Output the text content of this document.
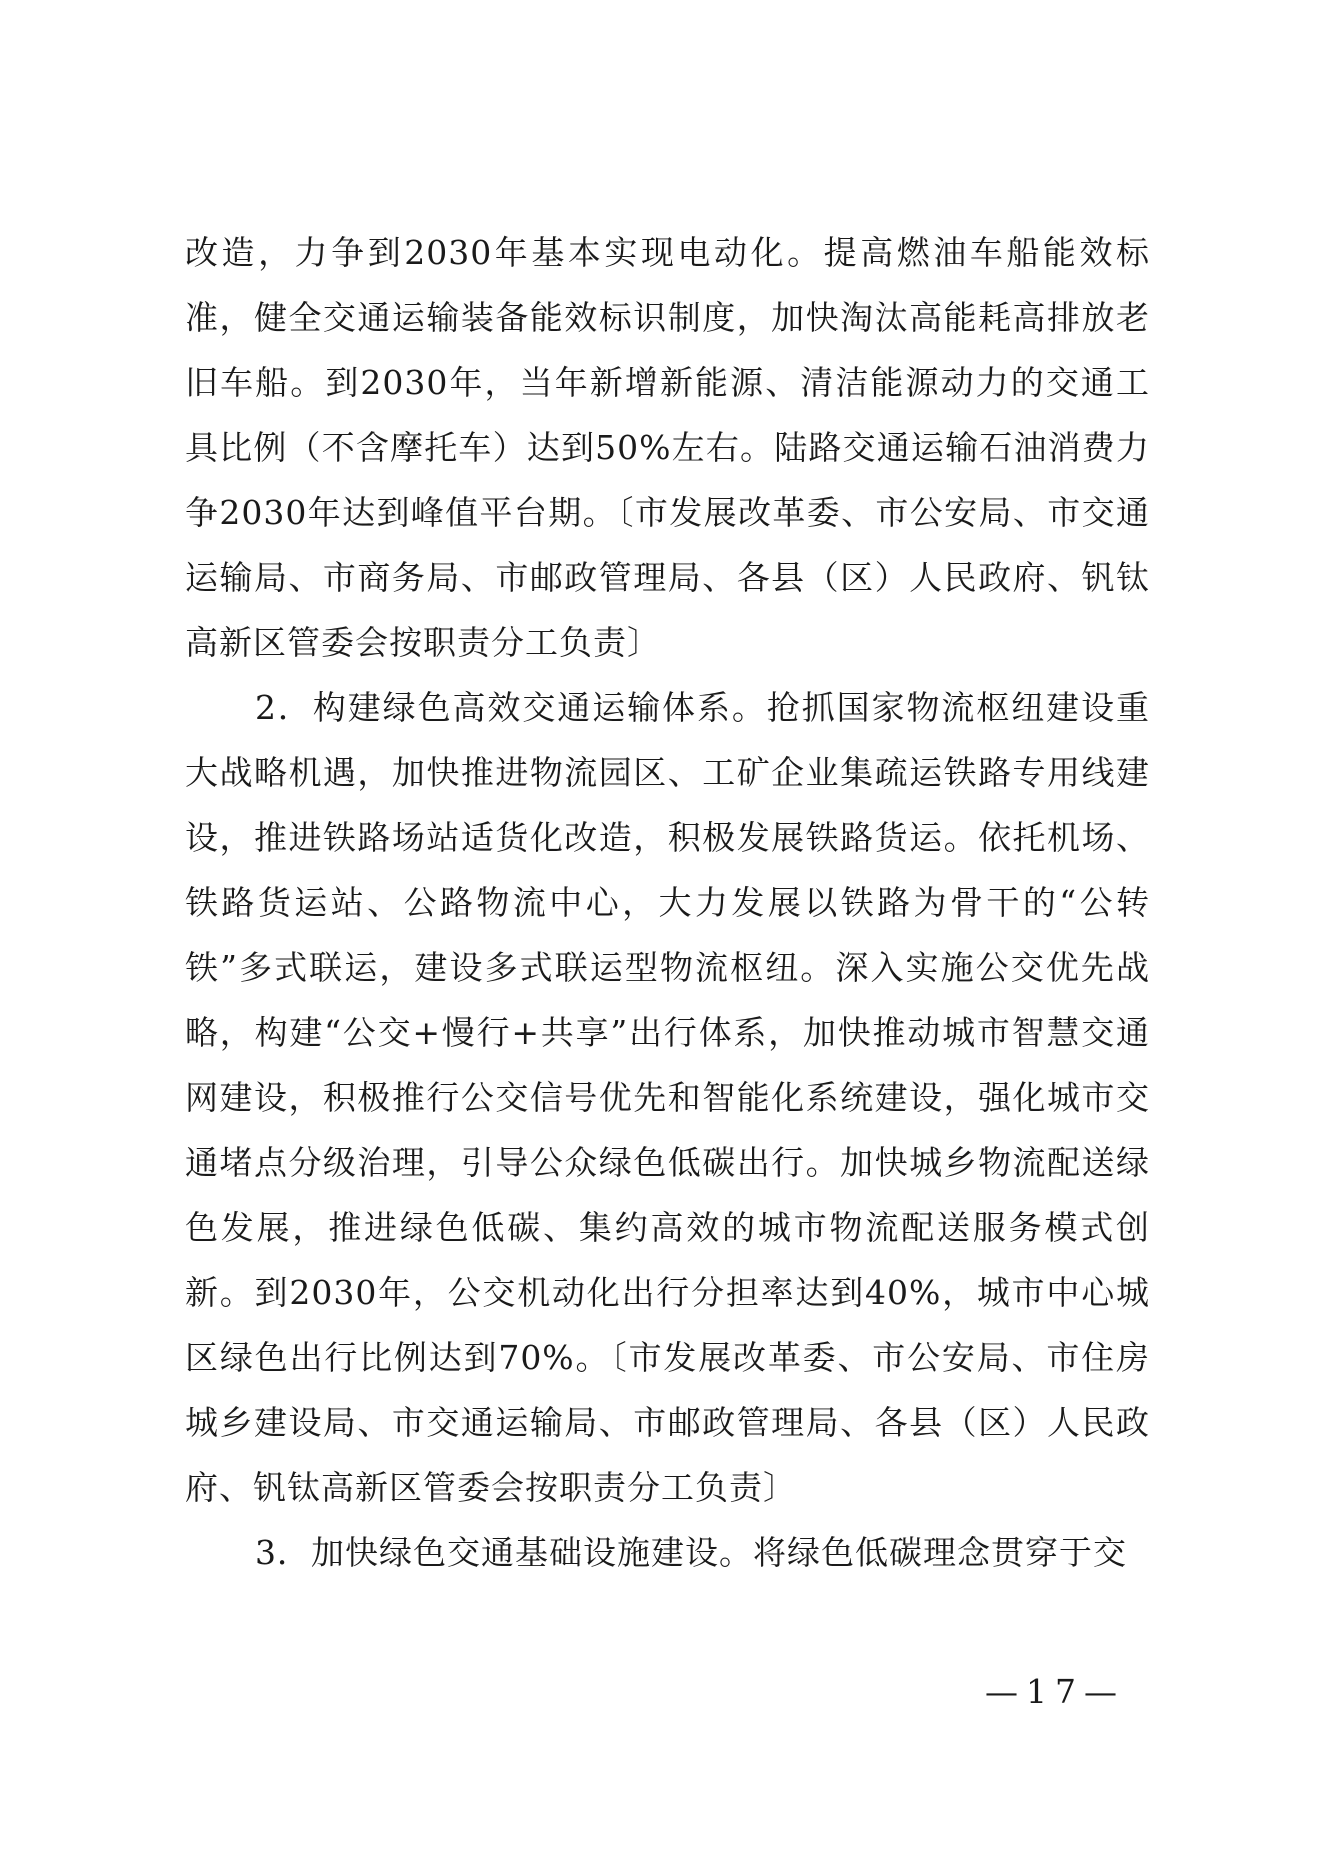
改造，力争到2030年基本实现电动化。提高燃油车船能效标准，健全交通运输装备能效标识制度，加快淘汰高能耗高排放老旧车船。到2030年，当年新增新能源、清洁能源动力的交通工具比例（不含摩托车）达到50%左右。陆路交通运输石油消费力争2030年达到峰值平台期。〔市发展改革委、市公安局、市交通运输局、市商务局、市邮政管理局、各县（区）人民政府、钒钛高新区管委会按职责分工负责〕

2．构建绿色高效交通运输体系。抢抓国家物流枢纽建设重大战略机遇，加快推进物流园区、工矿企业集疏运铁路专用线建设，推进铁路场站适货化改造，积极发展铁路货运。依托机场、铁路货运站、公路物流中心，大力发展以铁路为骨干的“公转铁”多式联运，建设多式联运型物流枢纽。深入实施公交优先战略，构建“公交+慢行+共享”出行体系，加快推动城市智慧交通网建设，积极推行公交信号优先和智能化系统建设，强化城市交通堵点分级治理，引导公众绿色低碳出行。加快城乡物流配送绿色发展，推进绿色低碳、集约高效的城市物流配送服务模式创新。到2030年，公交机动化出行分担率达到40%，城市中心城区绿色出行比例达到70%。〔市发展改革委、市公安局、市住房城乡建设局、市交通运输局、市邮政管理局、各县（区）人民政府、钒钛高新区管委会按职责分工负责〕

3．加快绿色交通基础设施建设。将绿色低碳理念贯穿于交

—17—
